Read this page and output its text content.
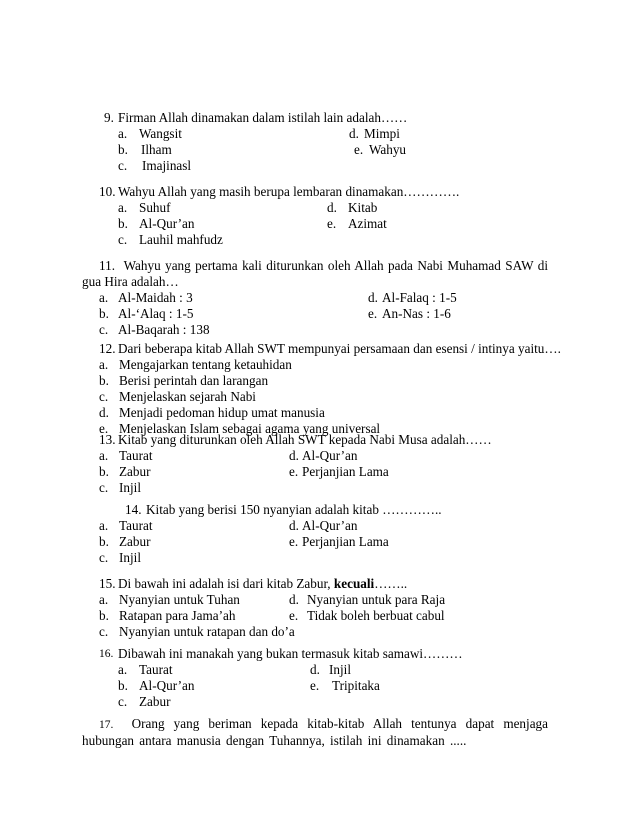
9. Firman Allah dinamakan dalam istilah lain adalah……
a. Wangsit	d. Mimpi
b. Ilham	e. Wahyu
c. Imajinasl
10. Wahyu Allah yang masih berupa lembaran dinamakan………….
a. Suhuf	d. Kitab
b. Al-Qur’an	e. Azimat
c. Lauhil mahfudz
11. Wahyu yang pertama kali diturunkan oleh Allah pada Nabi Muhamad SAW di gua Hira adalah…
a. Al-Maidah : 3	d. Al-Falaq : 1-5
b. Al-‘Alaq : 1-5	e. An-Nas : 1-6
c. Al-Baqarah : 138
12. Dari beberapa kitab Allah SWT mempunyai persamaan dan esensi / intinya yaitu….
a. Mengajarkan tentang ketauhidan
b. Berisi perintah dan larangan
c. Menjelaskan sejarah Nabi
d. Menjadi pedoman hidup umat manusia
e. Menjelaskan Islam sebagai agama yang universal
13. Kitab yang diturunkan oleh Allah SWT kepada Nabi Musa adalah……
a. Taurat	d. Al-Qur’an
b. Zabur	e. Perjanjian Lama
c. Injil
14. Kitab yang berisi 150 nyanyian adalah kitab …………..
a. Taurat	d. Al-Qur’an
b. Zabur	e. Perjanjian Lama
c. Injil
15. Di bawah ini adalah isi dari kitab Zabur, kecuali……..
a. Nyanyian untuk Tuhan	d. Nyanyian untuk para Raja
b. Ratapan para Jama’ah	e. Tidak boleh berbuat cabul
c. Nyanyian untuk ratapan dan do’a
16. Dibawah ini manakah yang bukan termasuk kitab samawi………
a. Taurat	d. Injil
b. Al-Qur’an	e. Tripitaka
c. Zabur
17. Orang yang beriman kepada kitab-kitab Allah tentunya dapat menjaga hubungan antara manusia dengan Tuhannya, istilah ini dinamakan .....
